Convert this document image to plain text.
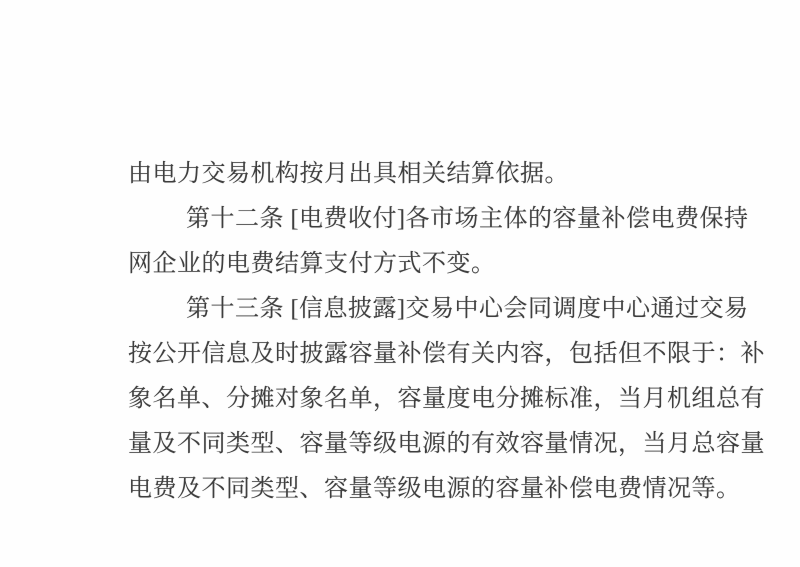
由电力交易机构按月出具相关结算依据。
第十二条 [电费收付]各市场主体的容量补偿电费保持
网企业的电费结算支付方式不变。
第十三条 [信息披露]交易中心会同调度中心通过交易
按公开信息及时披露容量补偿有关内容，包括但不限于：补
象名单、分摊对象名单，容量度电分摊标准，当月机组总有
量及不同类型、容量等级电源的有效容量情况，当月总容量
电费及不同类型、容量等级电源的容量补偿电费情况等。
